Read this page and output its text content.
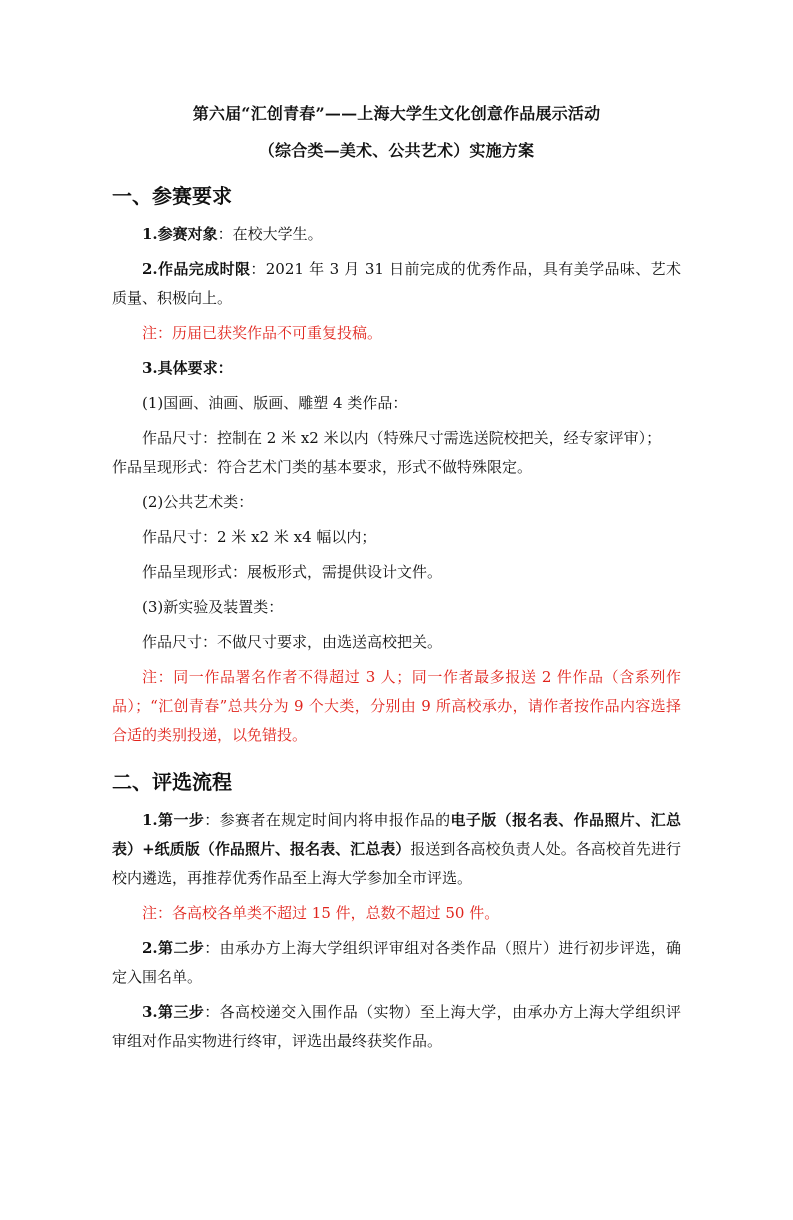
第六届“汇创青春”——上海大学生文化创意作品展示活动
（综合类—美术、公共艺术）实施方案
一、参赛要求

1.参赛对象：在校大学生。

2.作品完成时限：2021 年 3 月 31 日前完成的优秀作品，具有美学品味、艺术质量、积极向上。

注：历届已获奖作品不可重复投稿。

3.具体要求：

(1)国画、油画、版画、雕塑 4 类作品：

作品尺寸：控制在 2 米 x2 米以内（特殊尺寸需选送院校把关，经专家评审）；

作品呈现形式：符合艺术门类的基本要求，形式不做特殊限定。

(2)公共艺术类：

作品尺寸：2 米 x2 米 x4 幅以内；

作品呈现形式：展板形式，需提供设计文件。

(3)新实验及装置类：

作品尺寸：不做尺寸要求，由选送高校把关。

注：同一作品署名作者不得超过 3 人；同一作者最多报送 2 件作品（含系列作品）；“汇创青春”总共分为 9 个大类，分别由 9 所高校承办，请作者按作品内容选择合适的类别投递，以免错投。

二、评选流程

1.第一步：参赛者在规定时间内将申报作品的电子版（报名表、作品照片、汇总表）+纸质版（作品照片、报名表、汇总表）报送到各高校负责人处。各高校首先进行校内遴选，再推荐优秀作品至上海大学参加全市评选。

注：各高校各单类不超过 15 件，总数不超过 50 件。

2.第二步：由承办方上海大学组织评审组对各类作品（照片）进行初步评选，确定入围名单。

3.第三步：各高校递交入围作品（实物）至上海大学，由承办方上海大学组织评审组对作品实物进行终审，评选出最终获奖作品。
